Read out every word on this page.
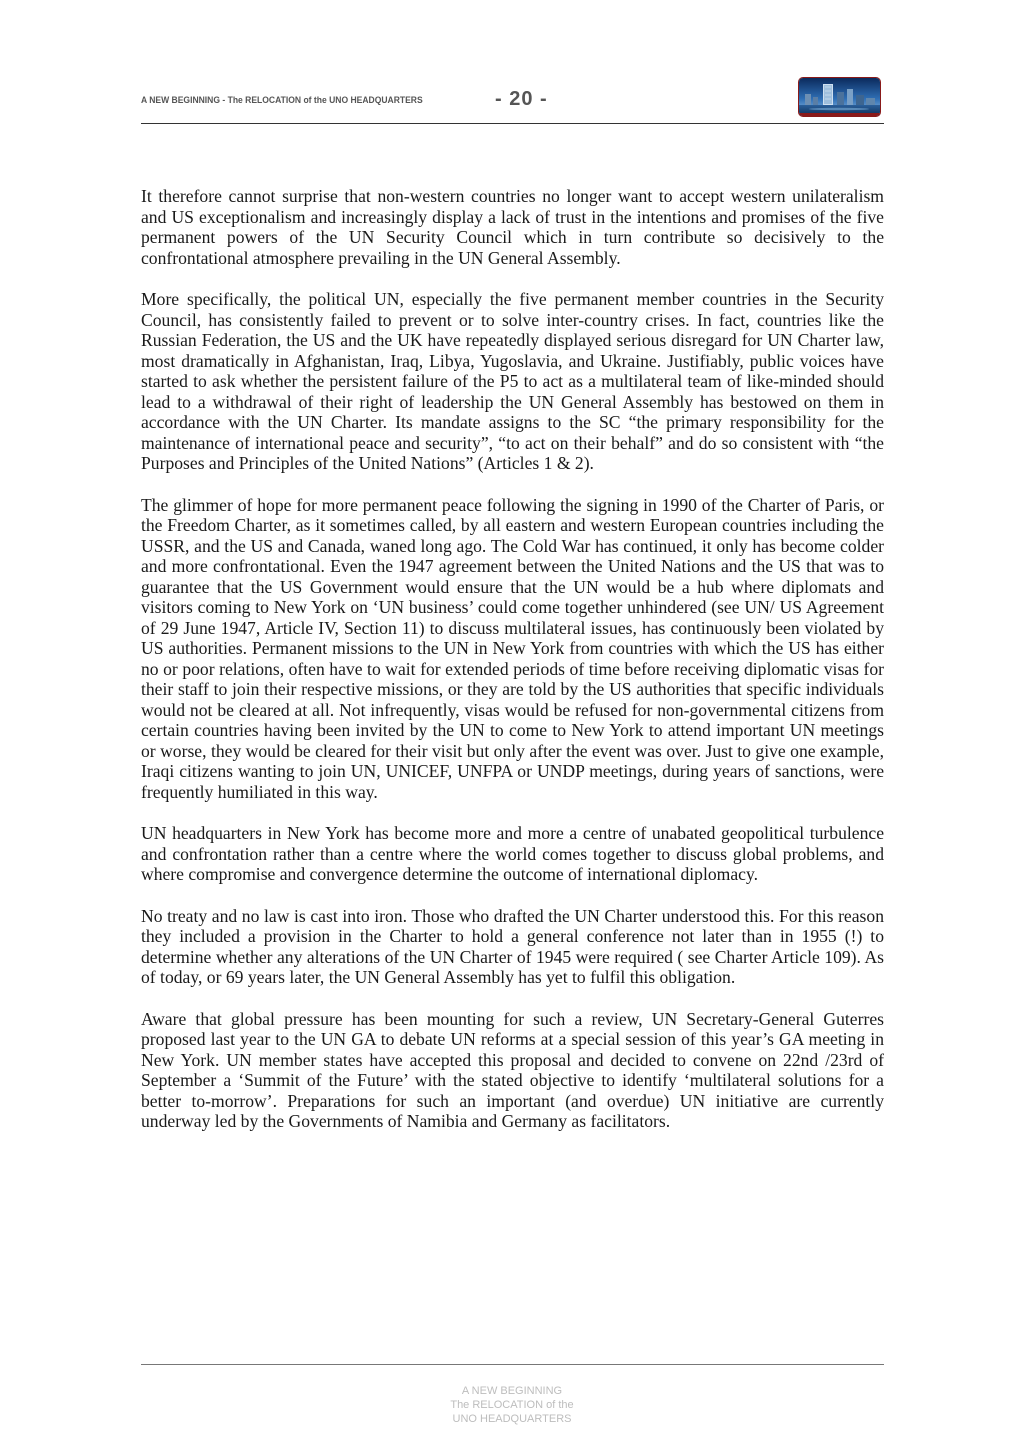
A NEW BEGINNING - The RELOCATION of the UNO HEADQUARTERS	- 20 -

It therefore cannot surprise that non-western countries no longer want to accept western unilateralism and US exceptionalism and increasingly display a lack of trust in the intentions and promises of the five permanent powers of the UN Security Council which in turn contribute so decisively to the confrontational atmosphere prevailing in the UN General Assembly.

More specifically, the political UN, especially the five permanent member countries in the Security Council, has consistently failed to prevent or to solve inter-country crises. In fact, countries like the Russian Federation, the US and the UK have repeatedly displayed serious disregard for UN Charter law, most dramatically in Afghanistan, Iraq, Libya, Yugoslavia, and Ukraine. Justifiably, public voices have started to ask whether the persistent failure of the P5 to act as a multilateral team of like-minded should lead to a withdrawal of their right of leadership the UN General Assembly has bestowed on them in accordance with the UN Charter. Its mandate assigns to the SC “the primary responsibility for the maintenance of international peace and security”, “to act on their behalf” and do so consistent with “the Purposes and Principles of the United Nations” (Articles 1 & 2).

The glimmer of hope for more permanent peace following the signing in 1990 of the Charter of Paris, or the Freedom Charter, as it sometimes called, by all eastern and western European countries including the USSR, and the US and Canada, waned long ago. The Cold War has continued, it only has become colder and more confrontational. Even the 1947 agreement between the United Nations and the US that was to guarantee that the US Government would ensure that the UN would be a hub where diplomats and visitors coming to New York on ‘UN business’ could come together unhindered (see UN/ US Agreement of 29 June 1947, Article IV, Section 11) to discuss multilateral issues, has continuously been violated by US authorities. Permanent missions to the UN in New York from countries with which the US has either no or poor relations, often have to wait for extended periods of time before receiving diplomatic visas for their staff to join their respective missions, or they are told by the US authorities that specific individuals would not be cleared at all. Not infrequently, visas would be refused for non-governmental citizens from certain countries having been invited by the UN to come to New York to attend important UN meetings or worse, they would be cleared for their visit but only after the event was over. Just to give one example, Iraqi citizens wanting to join UN, UNICEF, UNFPA or UNDP meetings, during years of sanctions, were frequently humiliated in this way.

UN headquarters in New York has become more and more a centre of unabated geopolitical turbulence and confrontation rather than a centre where the world comes together to discuss global problems, and where compromise and convergence determine the outcome of international diplomacy.

No treaty and no law is cast into iron. Those who drafted the UN Charter understood this. For this reason they included a provision in the Charter to hold a general conference not later than in 1955 (!) to determine whether any alterations of the UN Charter of 1945 were required ( see Charter Article 109). As of today, or 69 years later, the UN General Assembly has yet to fulfil this obligation.

Aware that global pressure has been mounting for such a review, UN Secretary-General Guterres proposed last year to the UN GA to debate UN reforms at a special session of this year’s GA meeting in New York. UN member states have accepted this proposal and decided to convene on 22nd /23rd of September a ‘Summit of the Future’ with the stated objective to identify ‘multilateral solutions for a better to-morrow’. Preparations for such an important (and overdue) UN initiative are currently underway led by the Governments of Namibia and Germany as facilitators.

A NEW BEGINNING
The RELOCATION of the
UNO HEADQUARTERS
